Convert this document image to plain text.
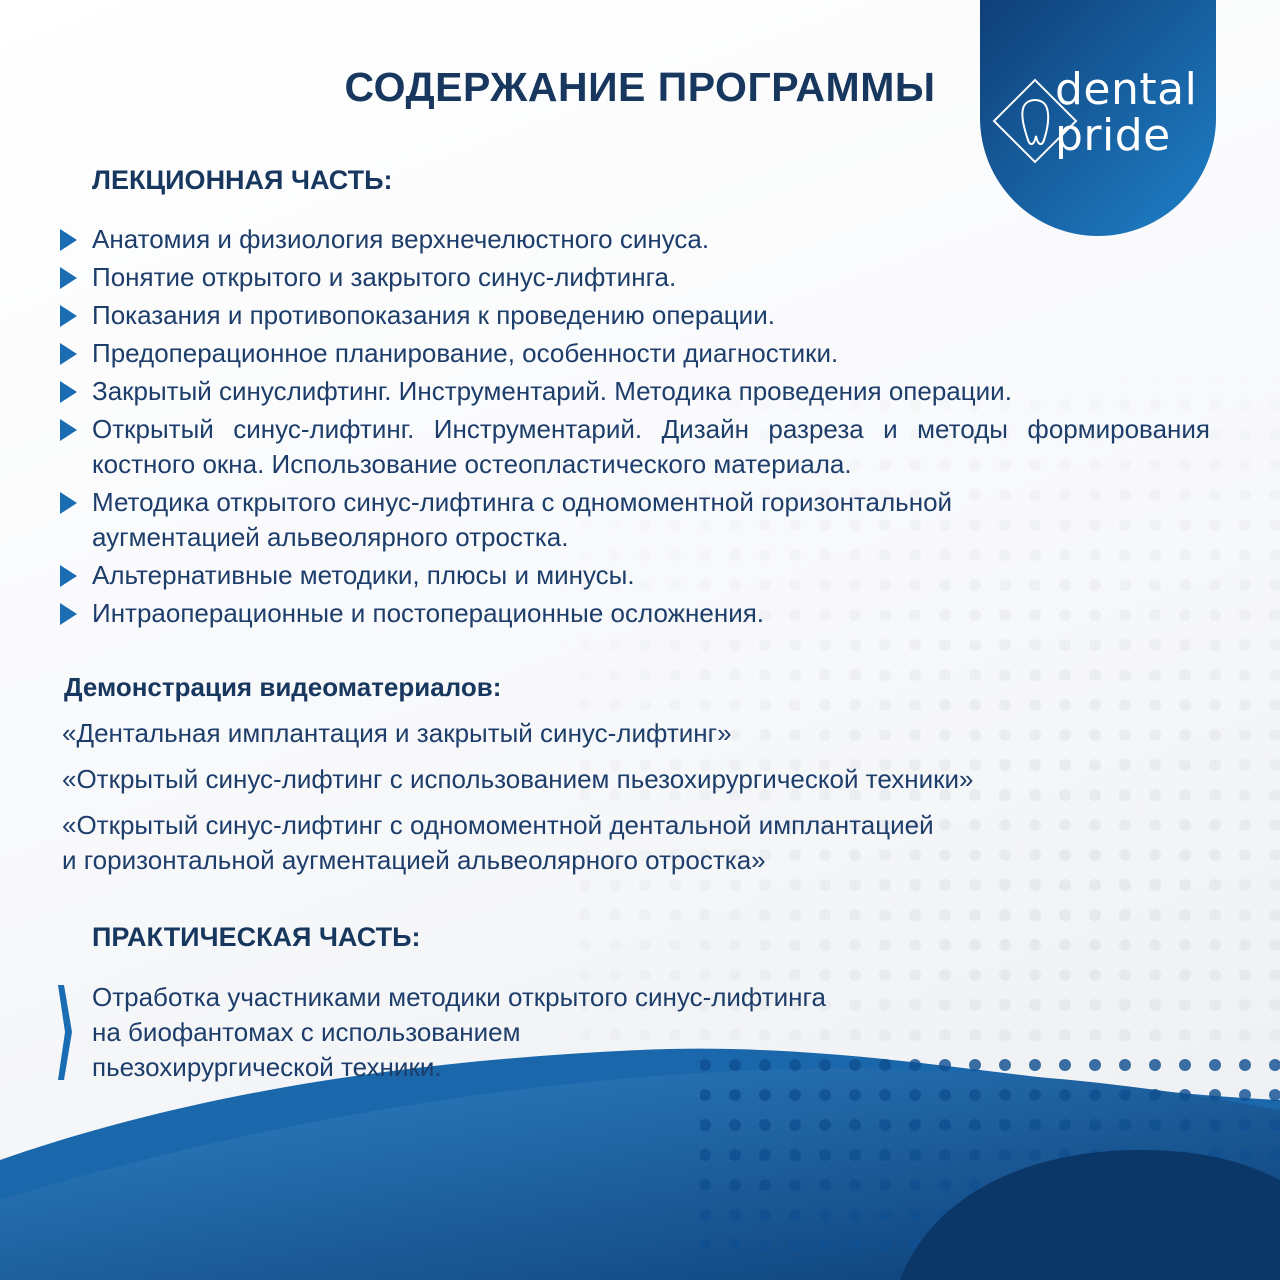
dental
pride
СОДЕРЖАНИЕ ПРОГРАММЫ
ЛЕКЦИОННАЯ ЧАСТЬ:
Анатомия и физиология верхнечелюстного синуса.
Понятие открытого и закрытого синус-лифтинга.
Показания и противопоказания к проведению операции.
Предоперационное планирование, особенности диагностики.
Закрытый синуслифтинг. Инструментарий. Методика проведения операции.
Открытый синус-лифтинг. Инструментарий. Дизайн разреза и методы формирования костного окна. Использование остеопластического материала.
Методика открытого синус-лифтинга с одномоментной горизонтальной аугментацией альвеолярного отростка.
Альтернативные методики, плюсы и минусы.
Интраоперационные и постоперационные осложнения.
Демонстрация видеоматериалов:
«Дентальная имплантация и закрытый синус-лифтинг»
«Открытый синус-лифтинг с использованием пьезохирургической техники»
«Открытый синус-лифтинг с одномоментной дентальной имплантацией
и горизонтальной аугментацией альвеолярного отростка»
ПРАКТИЧЕСКАЯ ЧАСТЬ:
Отработка участниками методики открытого синус-лифтинга
на биофантомах с использованием
пьезохирургической техники.
